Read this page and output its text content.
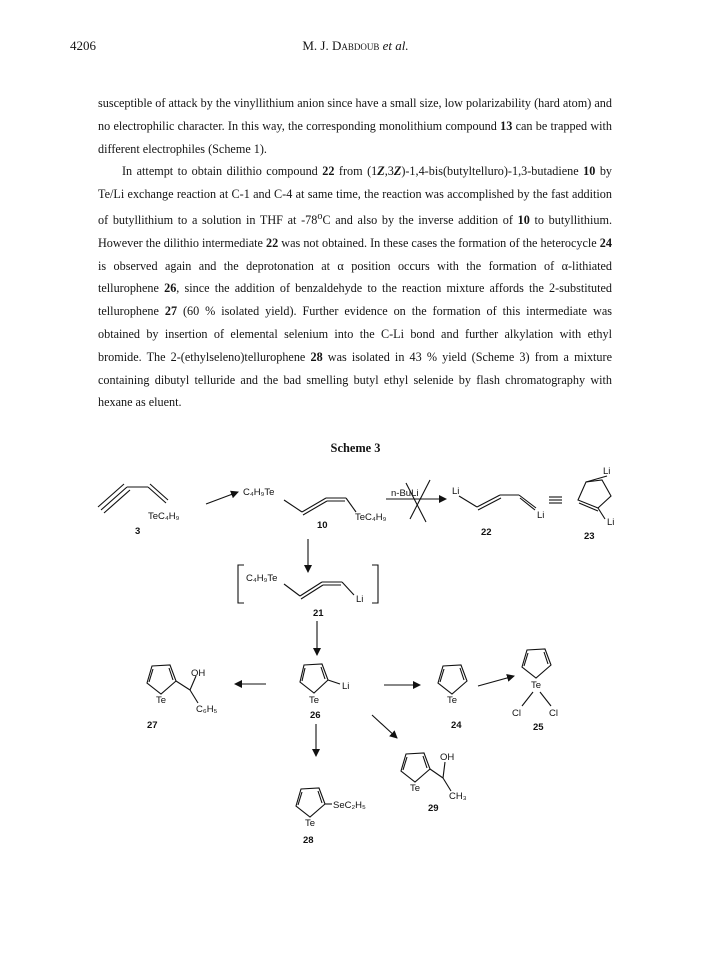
4206	M. J. Dabdoub et al.

susceptible of attack by the vinyllithium anion since have a small size, low polarizability (hard atom) and no electrophilic character. In this way, the corresponding monolithium compound 13 can be trapped with different electrophiles (Scheme 1).

In attempt to obtain dilithio compound 22 from (1Z,3Z)-1,4-bis(butyltelluro)-1,3-butadiene 10 by Te/Li exchange reaction at C-1 and C-4 at same time, the reaction was accomplished by the fast addition of butyllithium to a solution in THF at -78$^o$C and also by the inverse addition of 10 to butyllithium. However the dilithio intermediate 22 was not obtained. In these cases the formation of the heterocycle 24 is observed again and the deprotonation at α position occurs with the formation of α-lithiated tellurophene 26, since the addition of benzaldehyde to the reaction mixture affords the 2-substituted tellurophene 27 (60 % isolated yield). Further evidence on the formation of this intermediate was obtained by insertion of elemental selenium into the C-Li bond and further alkylation with ethyl bromide. The 2-(ethylseleno)tellurophene 28 was isolated in 43 % yield (Scheme 3) from a mixture containing dibutyl telluride and the bad smelling butyl ethyl selenide by flash chromatography with hexane as eluent.

Scheme 3
TeC₄H₉
3
C₄H₉Te
TeC₄H₉
10
n-BuLi	Li
Li
22
Li
Li
23
C₄H₉Te
Li
21
Te
Li
26
Te
OH
C₆H₅
27
Te
24
Te
Cl	Cl
25
Te
OH
CH₃
29
Te
SeC₂H₅
28
